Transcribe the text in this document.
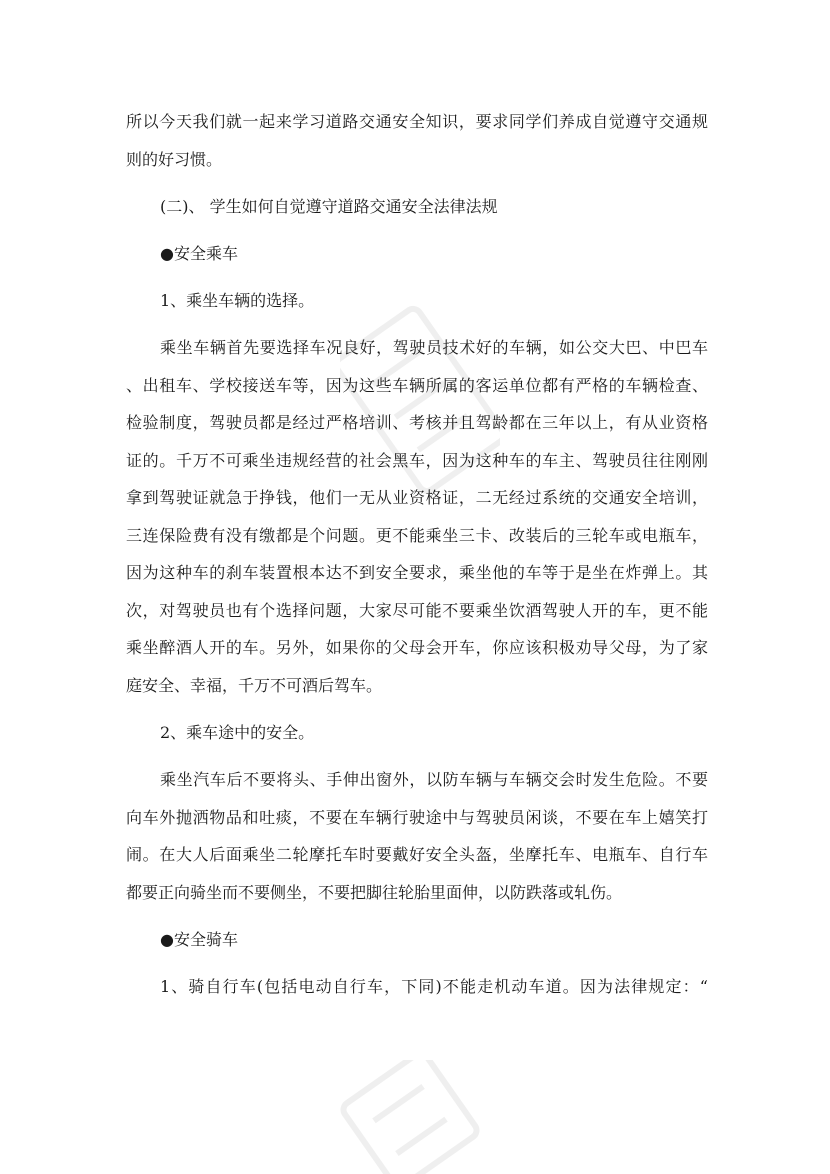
所以今天我们就一起来学习道路交通安全知识，要求同学们养成自觉遵守交通规
则的好习惯。
(二)、 学生如何自觉遵守道路交通安全法律法规
●安全乘车
1、乘坐车辆的选择。
乘坐车辆首先要选择车况良好，驾驶员技术好的车辆，如公交大巴、中巴车
、出租车、学校接送车等，因为这些车辆所属的客运单位都有严格的车辆检查、
检验制度，驾驶员都是经过严格培训、考核并且驾龄都在三年以上，有从业资格
证的。千万不可乘坐违规经营的社会黑车，因为这种车的车主、驾驶员往往刚刚
拿到驾驶证就急于挣钱，他们一无从业资格证，二无经过系统的交通安全培训，
三连保险费有没有缴都是个问题。更不能乘坐三卡、改装后的三轮车或电瓶车，
因为这种车的刹车装置根本达不到安全要求，乘坐他的车等于是坐在炸弹上。其
次，对驾驶员也有个选择问题，大家尽可能不要乘坐饮酒驾驶人开的车，更不能
乘坐醉酒人开的车。另外，如果你的父母会开车，你应该积极劝导父母，为了家
庭安全、幸福，千万不可酒后驾车。
2、乘车途中的安全。
乘坐汽车后不要将头、手伸出窗外，以防车辆与车辆交会时发生危险。不要
向车外抛洒物品和吐痰，不要在车辆行驶途中与驾驶员闲谈，不要在车上嬉笑打
闹。在大人后面乘坐二轮摩托车时要戴好安全头盔，坐摩托车、电瓶车、自行车
都要正向骑坐而不要侧坐，不要把脚往轮胎里面伸，以防跌落或轧伤。
●安全骑车
1、骑自行车(包括电动自行车，下同)不能走机动车道。因为法律规定：“
